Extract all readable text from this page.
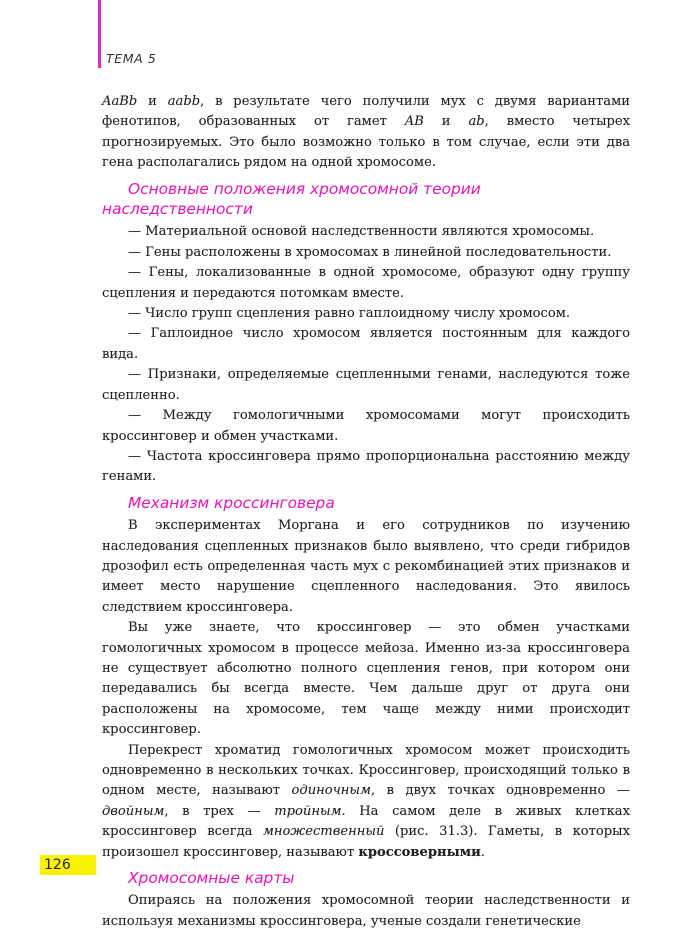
ТЕМА 5

AaBb и aabb, в результате чего получили мух с двумя вариантами фенотипов, образованных от гамет AB и ab, вместо четырех прогнозируемых. Это было возможно только в том случае, если эти два гена располагались рядом на одной хромосоме.

Основные положения хромосомной теории наследственности

— Материальной основой наследственности являются хромосомы.

— Гены расположены в хромосомах в линейной последовательности.

— Гены, локализованные в одной хромосоме, образуют одну группу сцепления и передаются потомкам вместе.

— Число групп сцепления равно гаплоидному числу хромосом.

— Гаплоидное число хромосом является постоянным для каждого вида.

— Признаки, определяемые сцепленными генами, наследуются тоже сцепленно.

— Между гомологичными хромосомами могут происходить кроссинговер и обмен участками.

— Частота кроссинговера прямо пропорциональна расстоянию между генами.

Механизм кроссинговера

В экспериментах Моргана и его сотрудников по изучению наследования сцепленных признаков было выявлено, что среди гибридов дрозофил есть определенная часть мух с рекомбинацией этих признаков и имеет место нарушение сцепленного наследования. Это явилось следствием кроссинговера.

Вы уже знаете, что кроссинговер — это обмен участками гомологичных хромосом в процессе мейоза. Именно из-за кроссинговера не существует абсолютно полного сцепления генов, при котором они передавались бы всегда вместе. Чем дальше друг от друга они расположены на хромосоме, тем чаще между ними происходит кроссинговер.

Перекрест хроматид гомологичных хромосом может происходить одновременно в нескольких точках. Кроссинговер, происходящий только в одном месте, называют одиночным, в двух точках одновременно — двойным, в трех — тройным. На самом деле в живых клетках кроссинговер всегда множественный (рис. 31.3). Гаметы, в которых произошел кроссинговер, называют кроссоверными.

Хромосомные карты

Опираясь на положения хромосомной теории наследственности и используя механизмы кроссинговера, ученые создали генетические

126
